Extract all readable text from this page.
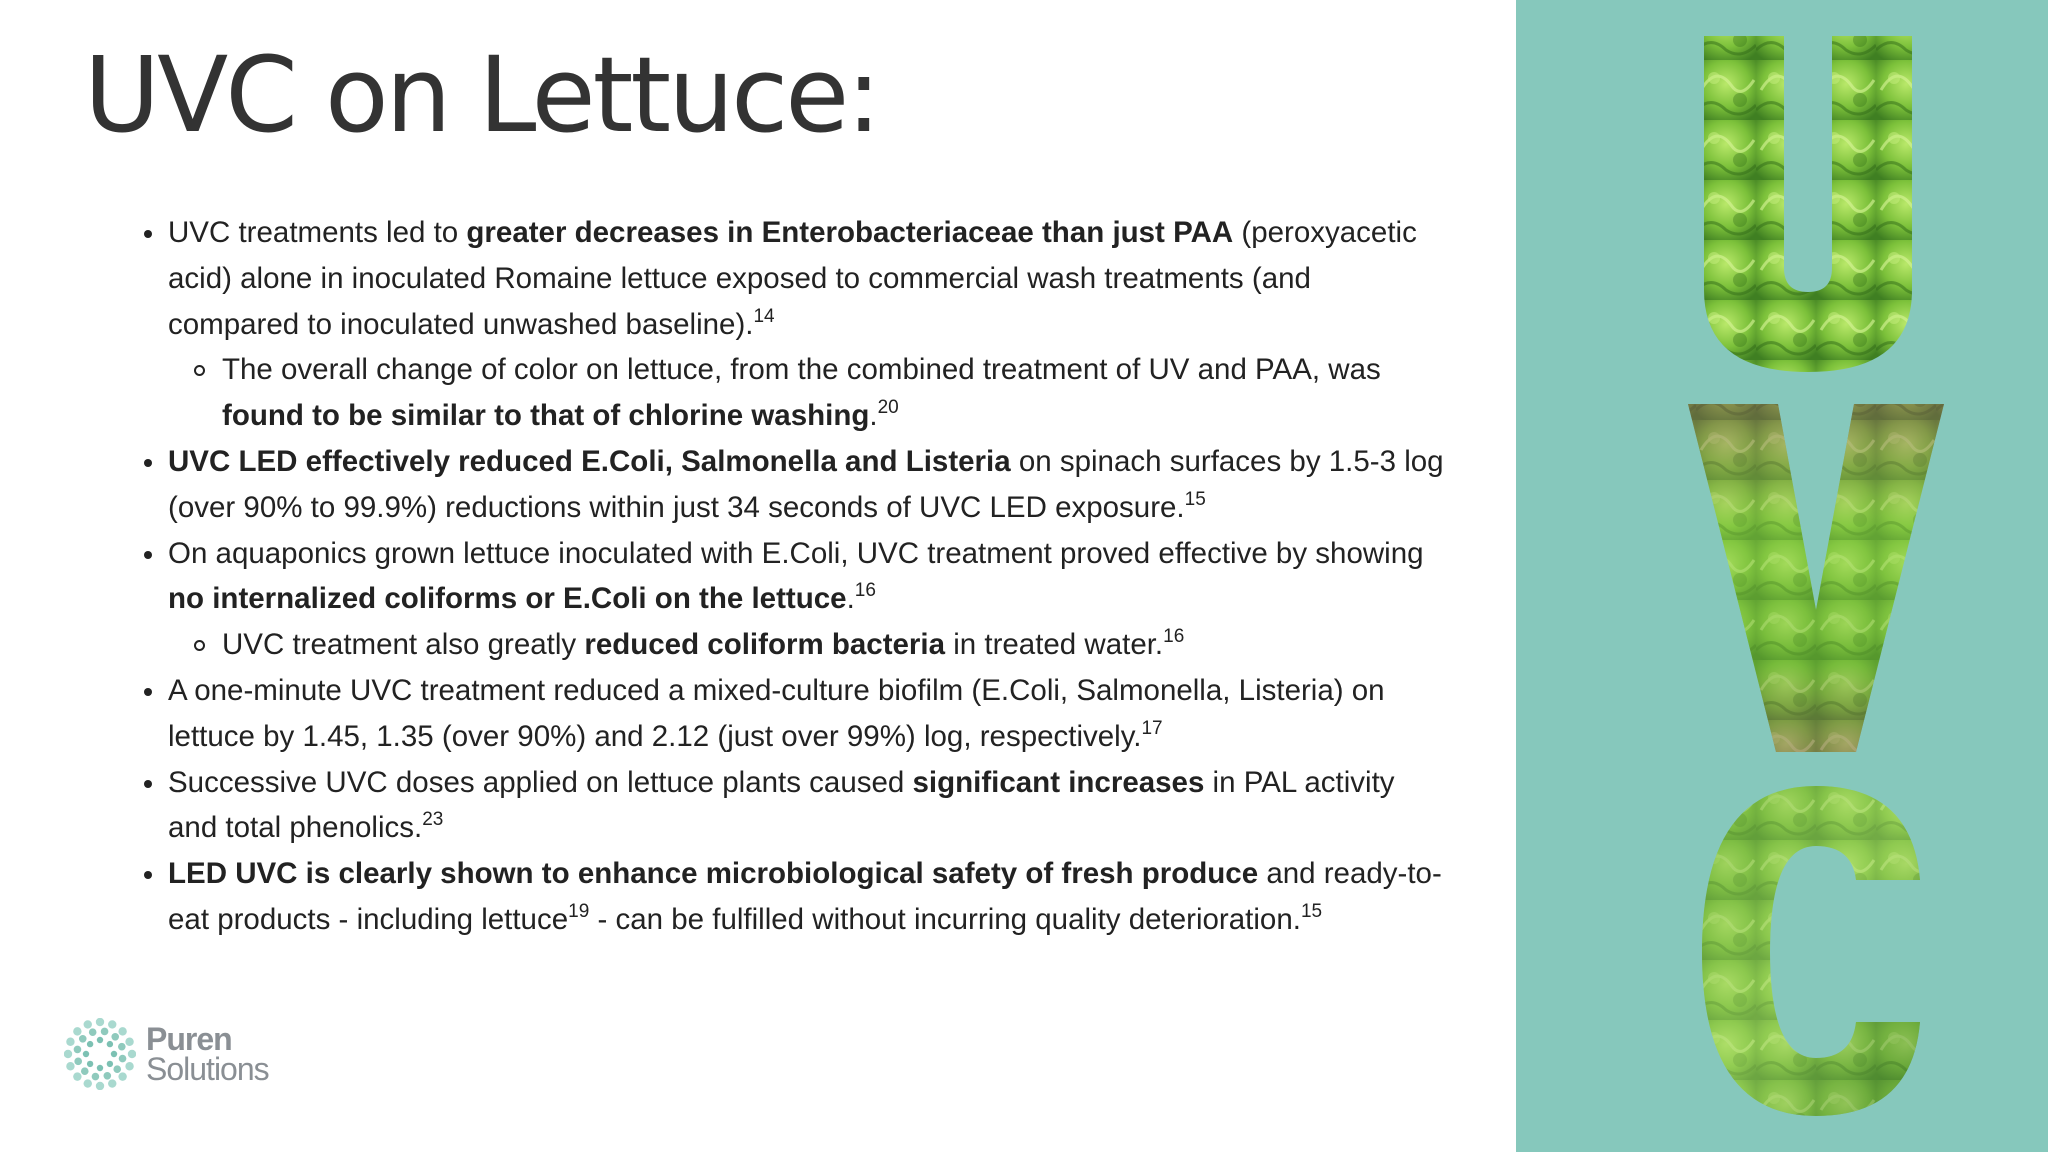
UVC on Lettuce:
UVC treatments led to greater decreases in Enterobacteriaceae than just PAA (peroxyacetic acid) alone in inoculated Romaine lettuce exposed to commercial wash treatments (and compared to inoculated unwashed baseline).$^{14}$
The overall change of color on lettuce, from the combined treatment of UV and PAA, was found to be similar to that of chlorine washing.$^{20}$
UVC LED effectively reduced E.Coli, Salmonella and Listeria on spinach surfaces by 1.5-3 log (over 90% to 99.9%) reductions within just 34 seconds of UVC LED exposure.$^{15}$
On aquaponics grown lettuce inoculated with E.Coli, UVC treatment proved effective by showing no internalized coliforms or E.Coli on the lettuce.$^{16}$
UVC treatment also greatly reduced coliform bacteria in treated water.$^{16}$
A one-minute UVC treatment reduced a mixed-culture biofilm (E.Coli, Salmonella, Listeria) on lettuce by 1.45, 1.35 (over 90%) and 2.12 (just over 99%) log, respectively.$^{17}$
Successive UVC doses applied on lettuce plants caused significant increases in PAL activity and total phenolics.$^{23}$
LED UVC is clearly shown to enhance microbiological safety of fresh produce and ready-to-eat products - including lettuce$^{19}$ - can be fulfilled without incurring quality deterioration.$^{15}$
Puren
Solutions
